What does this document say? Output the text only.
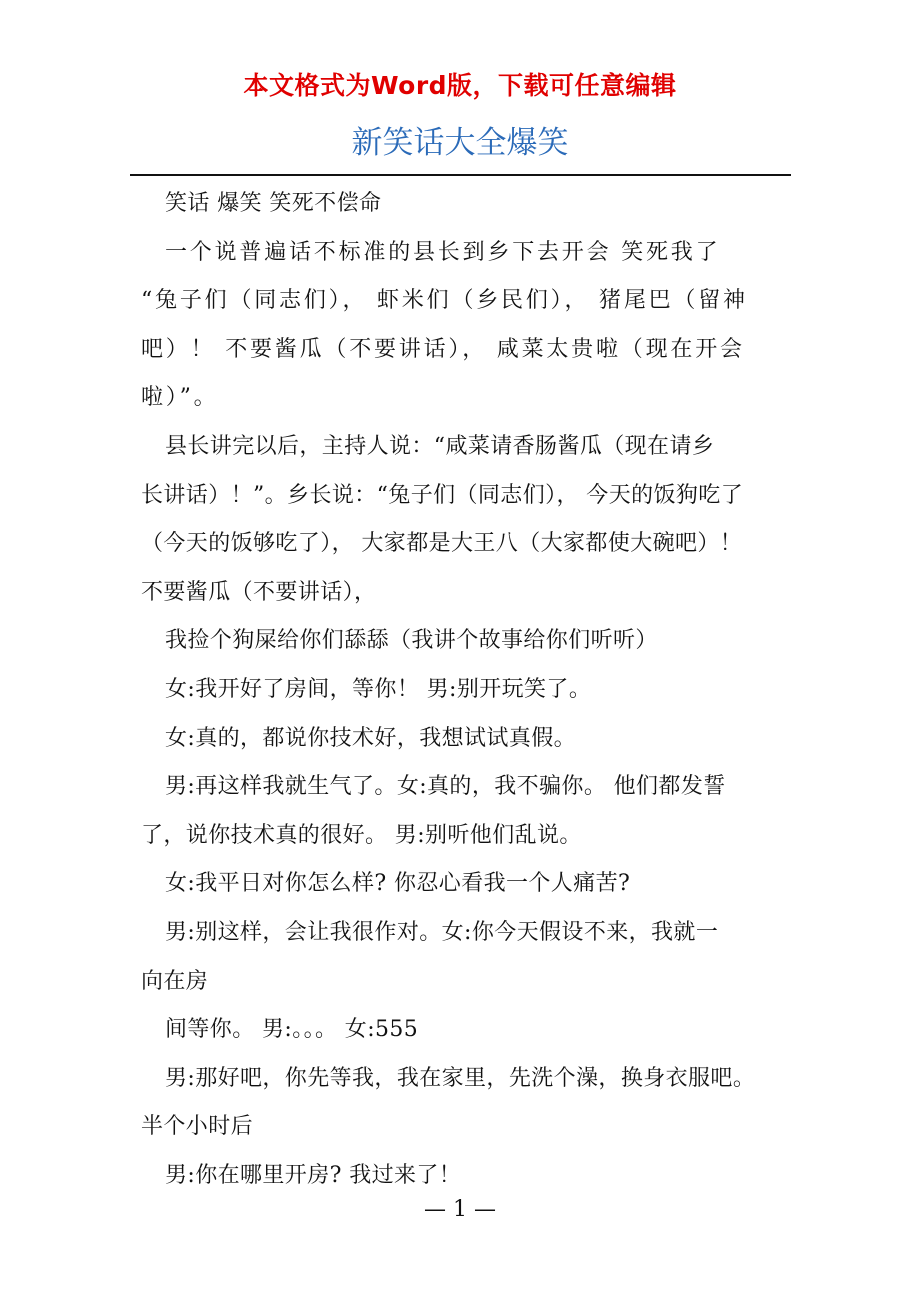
本文格式为Word版，下载可任意编辑
新笑话大全爆笑

笑话 爆笑 笑死不偿命

一个说普遍话不标准的县长到乡下去开会 笑死我了
“兔子们（同志们）， 虾米们（乡民们）， 猪尾巴（留神
吧）！ 不要酱瓜（不要讲话）， 咸菜太贵啦（现在开会
啦）”。

县长讲完以后，主持人说：“咸菜请香肠酱瓜（现在请乡
长讲话）！”。乡长说：“兔子们（同志们）， 今天的饭狗吃了
（今天的饭够吃了）， 大家都是大王八（大家都使大碗吧）！
不要酱瓜（不要讲话），

我捡个狗屎给你们舔舔（我讲个故事给你们听听）

女:我开好了房间，等你！ 男:别开玩笑了。

女:真的，都说你技术好，我想试试真假。

男:再这样我就生气了。女:真的，我不骗你。 他们都发誓
了，说你技术真的很好。 男:别听他们乱说。

女:我平日对你怎么样? 你忍心看我一个人痛苦?

男:别这样，会让我很作对。女:你今天假设不来，我就一
向在房

间等你。 男:。。。 女:555

男:那好吧，你先等我，我在家里，先洗个澡，换身衣服吧。
半个小时后

男:你在哪里开房? 我过来了！

— 1 —
